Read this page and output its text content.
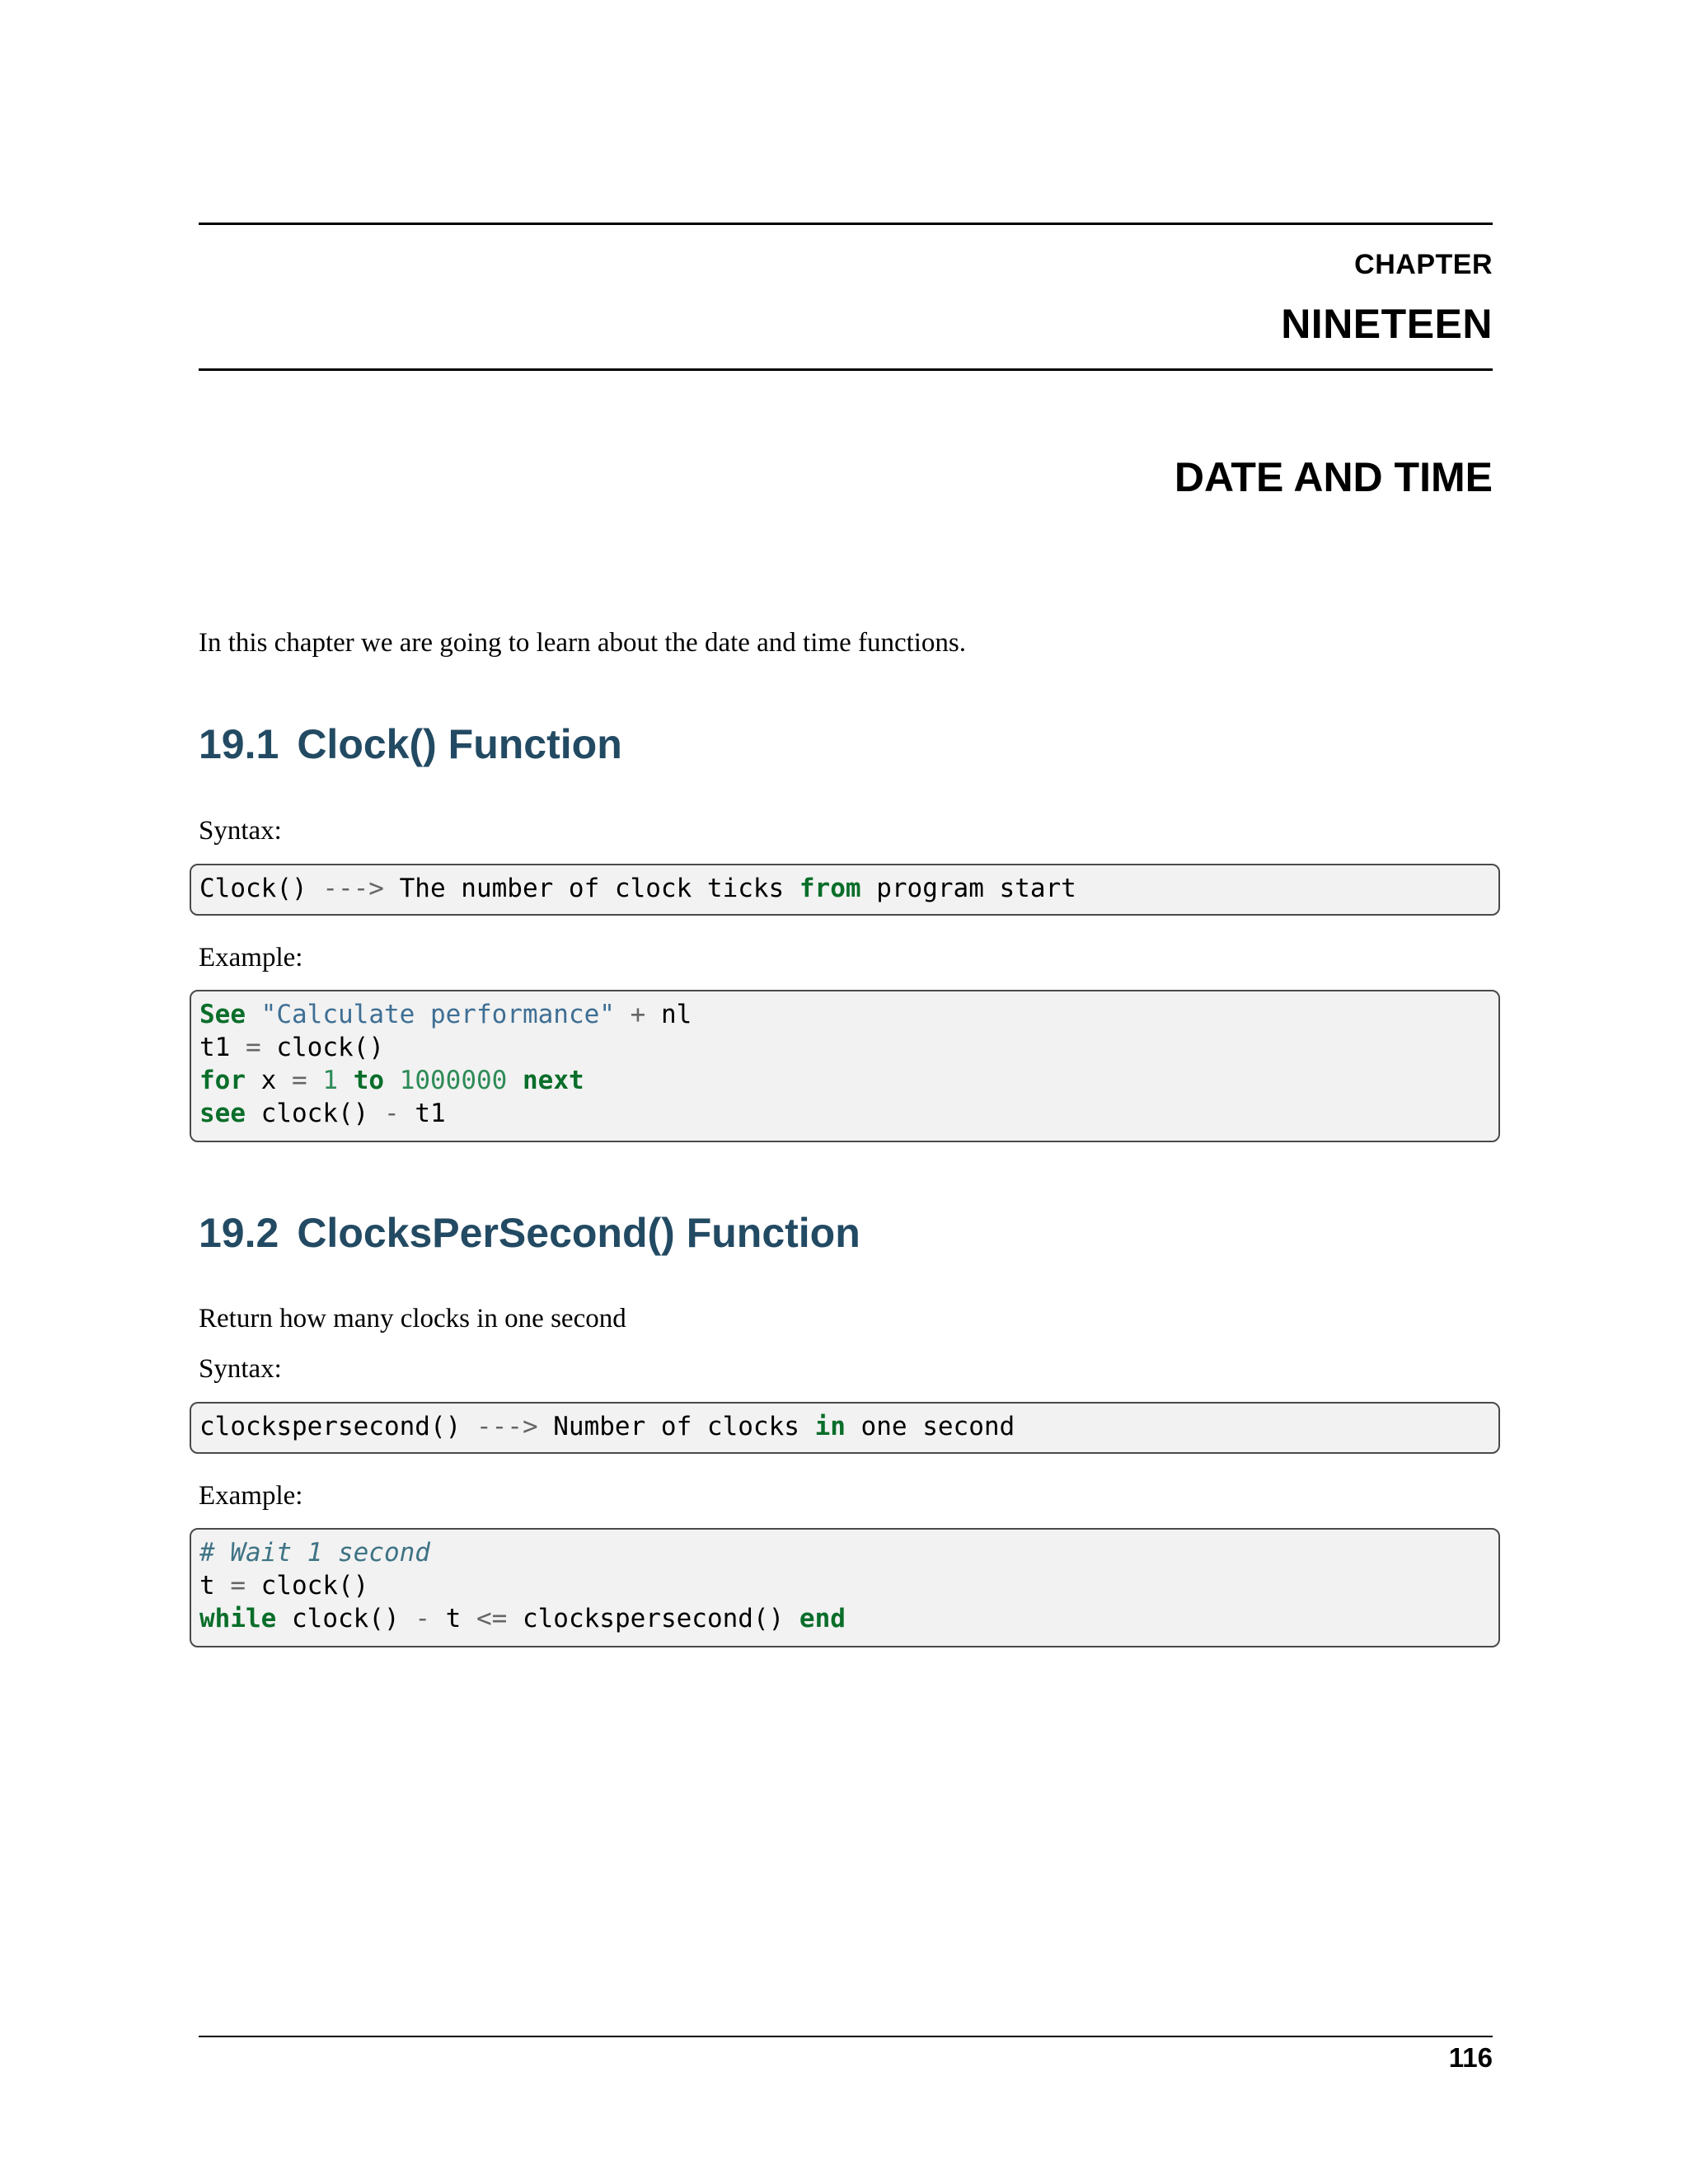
CHAPTER
NINETEEN
DATE AND TIME
In this chapter we are going to learn about the date and time functions.
19.1 Clock() Function
Syntax:
Clock() ---> The number of clock ticks from program start
Example:
See "Calculate performance" + nl
t1 = clock()
for x = 1 to 1000000 next
see clock() - t1
19.2 ClocksPerSecond() Function
Return how many clocks in one second
Syntax:
clockspersecond() ---> Number of clocks in one second
Example:
# Wait 1 second
t = clock()
while clock() - t <= clockspersecond() end
116
